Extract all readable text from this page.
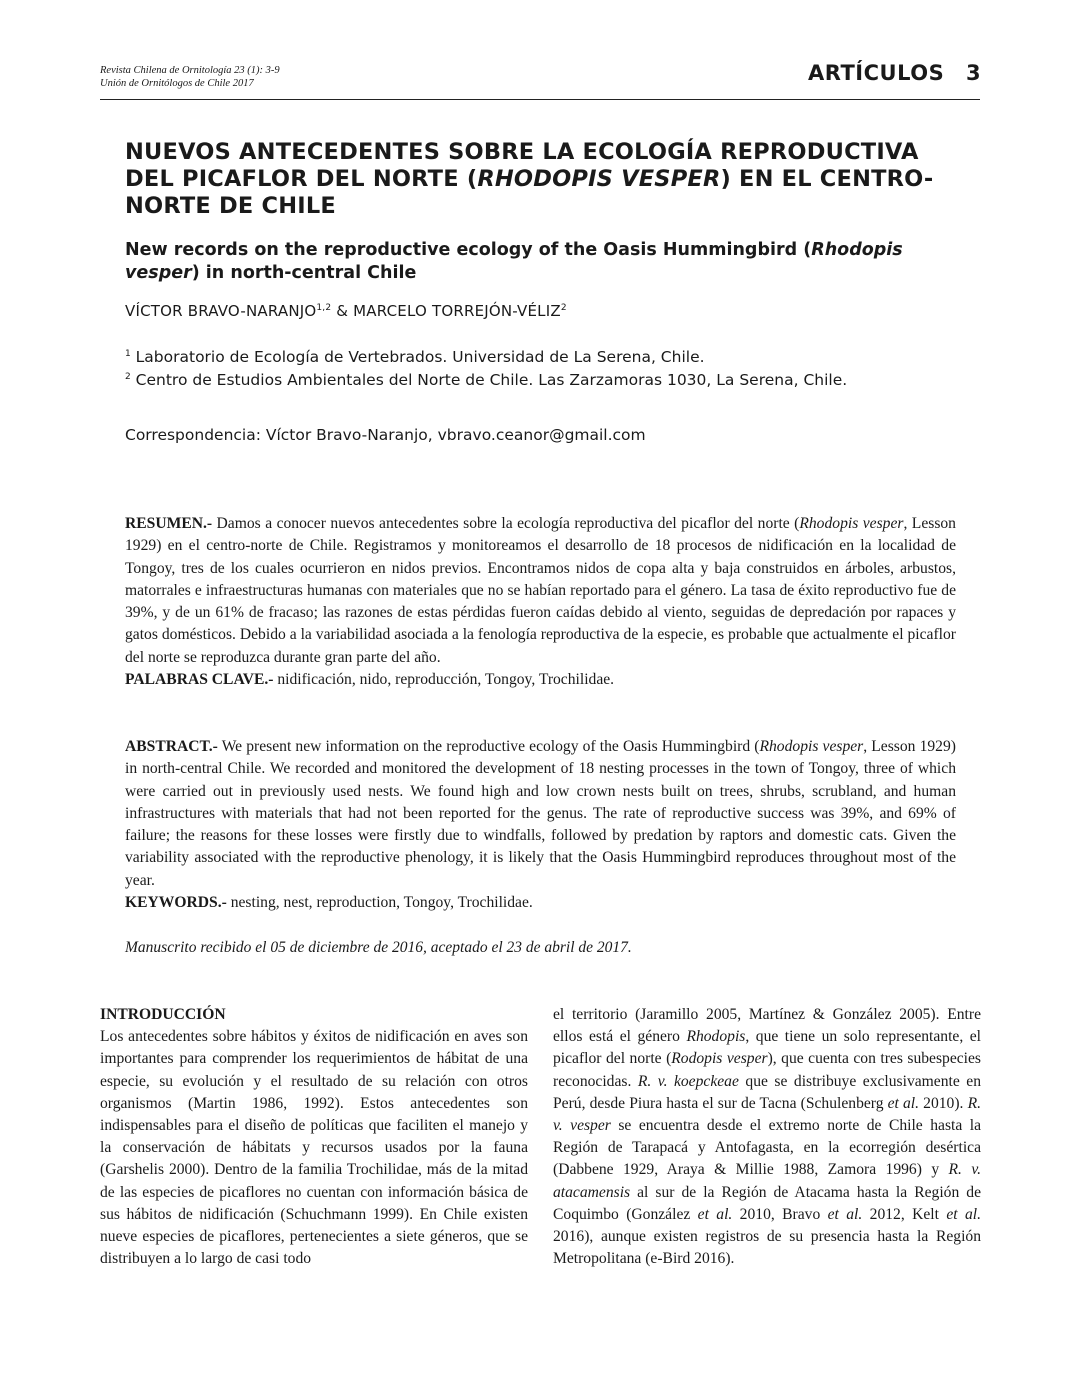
Revista Chilena de Ornitología 23 (1): 3-9
Unión de Ornitólogos de Chile 2017	ARTÍCULOS 3
NUEVOS ANTECEDENTES SOBRE LA ECOLOGÍA REPRODUCTIVA DEL PICAFLOR DEL NORTE (RHODOPIS VESPER) EN EL CENTRO-NORTE DE CHILE
New records on the reproductive ecology of the Oasis Hummingbird (Rhodopis vesper) in north-central Chile
VÍCTOR BRAVO-NARANJO$^{1,2}$ & MARCELO TORREJÓN-VÉLIZ$^2$
$^1$ Laboratorio de Ecología de Vertebrados. Universidad de La Serena, Chile.
$^2$ Centro de Estudios Ambientales del Norte de Chile. Las Zarzamoras 1030, La Serena, Chile.
Correspondencia: Víctor Bravo-Naranjo, vbravo.ceanor@gmail.com
RESUMEN.- Damos a conocer nuevos antecedentes sobre la ecología reproductiva del picaflor del norte (Rhodopis vesper, Lesson 1929) en el centro-norte de Chile. Registramos y monitoreamos el desarrollo de 18 procesos de nidificación en la localidad de Tongoy, tres de los cuales ocurrieron en nidos previos. Encontramos nidos de copa alta y baja construidos en árboles, arbustos, matorrales e infraestructuras humanas con materiales que no se habían reportado para el género. La tasa de éxito reproductivo fue de 39%, y de un 61% de fracaso; las razones de estas pérdidas fueron caídas debido al viento, seguidas de depredación por rapaces y gatos domésticos. Debido a la variabilidad asociada a la fenología reproductiva de la especie, es probable que actualmente el picaflor del norte se reproduzca durante gran parte del año.
PALABRAS CLAVE.- nidificación, nido, reproducción, Tongoy, Trochilidae.
ABSTRACT.- We present new information on the reproductive ecology of the Oasis Hummingbird (Rhodopis vesper, Lesson 1929) in north-central Chile. We recorded and monitored the development of 18 nesting processes in the town of Tongoy, three of which were carried out in previously used nests. We found high and low crown nests built on trees, shrubs, scrubland, and human infrastructures with materials that had not been reported for the genus. The rate of reproductive success was 39%, and 69% of failure; the reasons for these losses were firstly due to windfalls, followed by predation by raptors and domestic cats. Given the variability associated with the reproductive phenology, it is likely that the Oasis Hummingbird reproduces throughout most of the year.
KEYWORDS.- nesting, nest, reproduction, Tongoy, Trochilidae.
Manuscrito recibido el 05 de diciembre de 2016, aceptado el 23 de abril de 2017.
INTRODUCCIÓN
Los antecedentes sobre hábitos y éxitos de nidificación en aves son importantes para comprender los requerimientos de hábitat de una especie, su evolución y el resultado de su relación con otros organismos (Martin 1986, 1992). Estos antecedentes son indispensables para el diseño de políticas que faciliten el manejo y la conservación de hábitats y recursos usados por la fauna (Garshelis 2000). Dentro de la familia Trochilidae, más de la mitad de las especies de picaflores no cuentan con información básica de sus hábitos de nidificación (Schuchmann 1999). En Chile existen nueve especies de picaflores, pertenecientes a siete géneros, que se distribuyen a lo largo de casi todo
el territorio (Jaramillo 2005, Martínez & González 2005). Entre ellos está el género Rhodopis, que tiene un solo representante, el picaflor del norte (Rodopis vesper), que cuenta con tres subespecies reconocidas. R. v. koepckeae que se distribuye exclusivamente en Perú, desde Piura hasta el sur de Tacna (Schulenberg et al. 2010). R. v. vesper se encuentra desde el extremo norte de Chile hasta la Región de Tarapacá y Antofagasta, en la ecorregión desértica (Dabbene 1929, Araya & Millie 1988, Zamora 1996) y R. v. atacamensis al sur de la Región de Atacama hasta la Región de Coquimbo (González et al. 2010, Bravo et al. 2012, Kelt et al. 2016), aunque existen registros de su presencia hasta la Región Metropolitana (e-Bird 2016).
